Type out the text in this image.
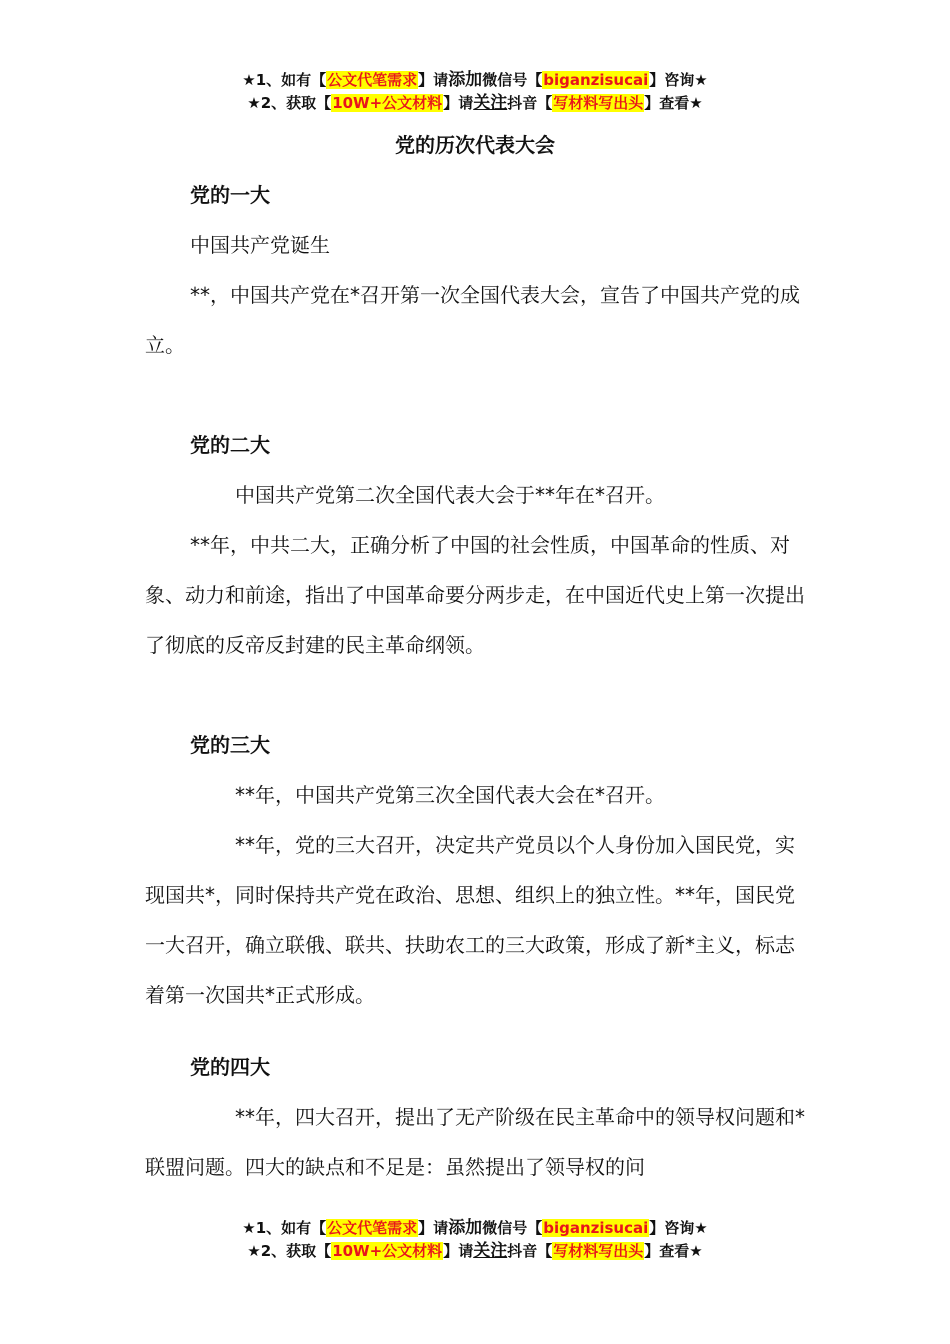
★1、如有【公文代笔需求】请添加微信号【biganzisucai】咨询★
★2、获取【10W+公文材料】请关注抖音【写材料写出头】查看★
党的历次代表大会

党的一大

中国共产党诞生

**，中国共产党在*召开第一次全国代表大会，宣告了中国共产党的成立。

党的二大

中国共产党第二次全国代表大会于**年在*召开。

**年，中共二大，正确分析了中国的社会性质，中国革命的性质、对象、动力和前途，指出了中国革命要分两步走，在中国近代史上第一次提出了彻底的反帝反封建的民主革命纲领。

党的三大

**年，中国共产党第三次全国代表大会在*召开。

**年，党的三大召开，决定共产党员以个人身份加入国民党，实现国共*，同时保持共产党在政治、思想、组织上的独立性。**年，国民党一大召开，确立联俄、联共、扶助农工的三大政策，形成了新*主义，标志着第一次国共*正式形成。

党的四大

**年，四大召开，提出了无产阶级在民主革命中的领导权问题和*联盟问题。四大的缺点和不足是：虽然提出了领导权的问

★1、如有【公文代笔需求】请添加微信号【biganzisucai】咨询★
★2、获取【10W+公文材料】请关注抖音【写材料写出头】查看★
